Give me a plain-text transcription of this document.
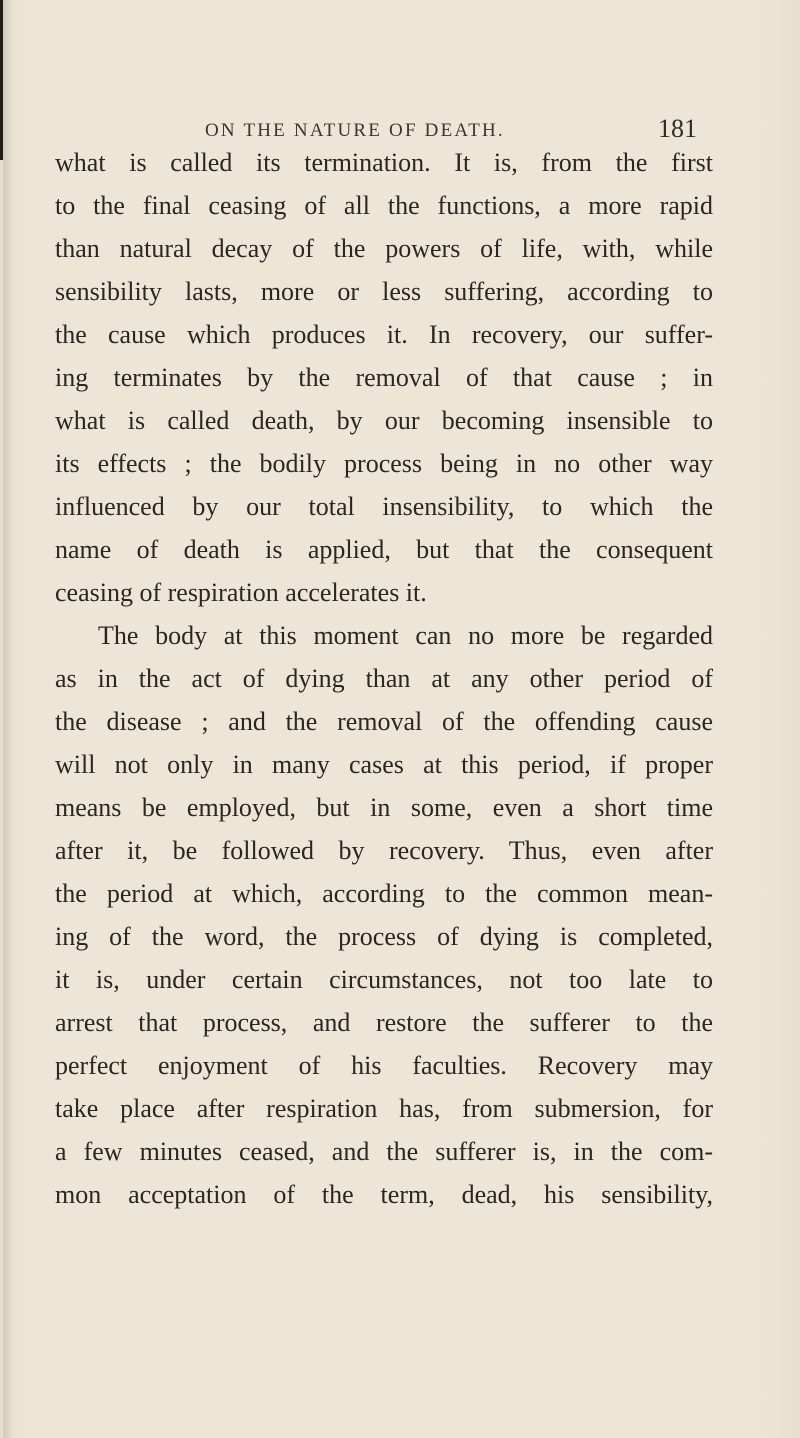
ON THE NATURE OF DEATH.	181
what is called its termination. It is, from the first
to the final ceasing of all the functions, a more rapid
than natural decay of the powers of life, with, while
sensibility lasts, more or less suffering, according to
the cause which produces it. In recovery, our suffer-
ing terminates by the removal of that cause ; in
what is called death, by our becoming insensible to
its effects ; the bodily process being in no other way
influenced by our total insensibility, to which the
name of death is applied, but that the consequent
ceasing of respiration accelerates it.
The body at this moment can no more be regarded
as in the act of dying than at any other period of
the disease ; and the removal of the offending cause
will not only in many cases at this period, if proper
means be employed, but in some, even a short time
after it, be followed by recovery. Thus, even after
the period at which, according to the common mean-
ing of the word, the process of dying is completed,
it is, under certain circumstances, not too late to
arrest that process, and restore the sufferer to the
perfect enjoyment of his faculties. Recovery may
take place after respiration has, from submersion, for
a few minutes ceased, and the sufferer is, in the com-
mon acceptation of the term, dead, his sensibility,
